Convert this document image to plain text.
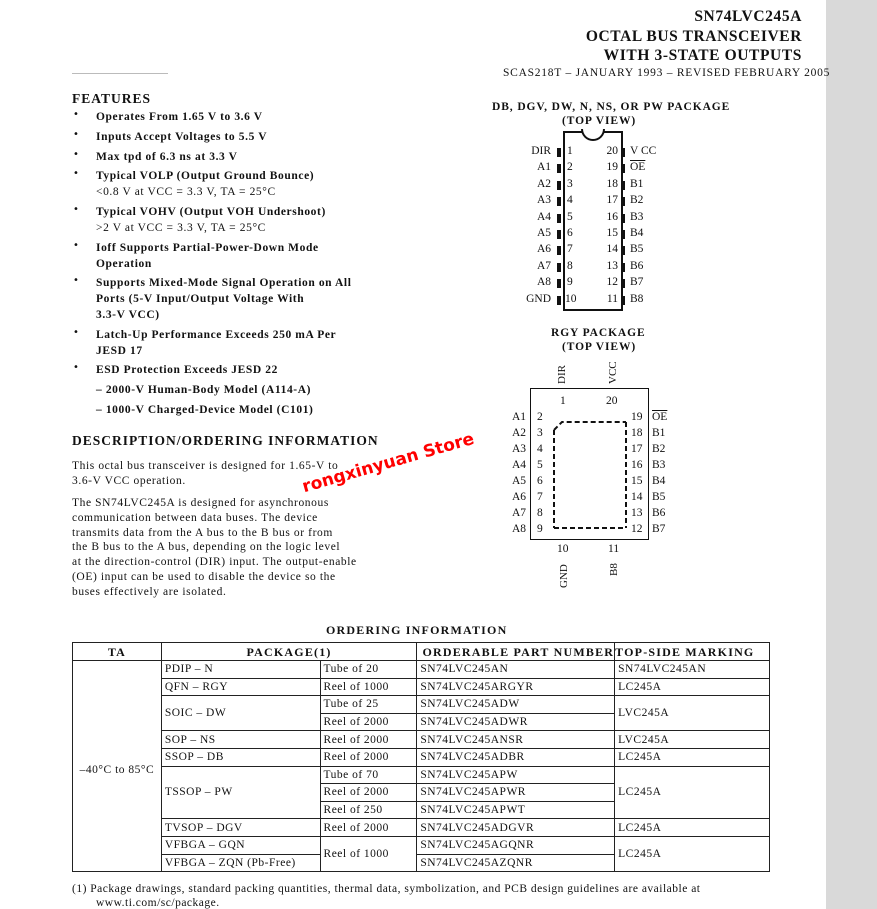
SN74LVC245A
OCTAL BUS TRANSCEIVER
WITH 3-STATE OUTPUTS
SCAS218T – JANUARY 1993 – REVISED FEBRUARY 2005
FEATURES
• Operates From 1.65 V to 3.6 V
• Inputs Accept Voltages to 5.5 V
• Max tpd of 6.3 ns at 3.3 V
• Typical VOLP (Output Ground Bounce)
<0.8 V at VCC = 3.3 V, TA = 25°C
• Typical VOHV (Output VOH Undershoot)
>2 V at VCC = 3.3 V, TA = 25°C
• Ioff Supports Partial-Power-Down Mode
Operation
• Supports Mixed-Mode Signal Operation on All
Ports (5-V Input/Output Voltage With
3.3-V VCC)
• Latch-Up Performance Exceeds 250 mA Per
JESD 17
• ESD Protection Exceeds JESD 22
– 2000-V Human-Body Model (A114-A)
– 1000-V Charged-Device Model (C101)
DESCRIPTION/ORDERING INFORMATION
This octal bus transceiver is designed for 1.65-V to
3.6-V VCC operation.
The SN74LVC245A is designed for asynchronous
communication between data buses. The device
transmits data from the A bus to the B bus or from
the B bus to the A bus, depending on the logic level
at the direction-control (DIR) input. The output-enable
(OE) input can be used to disable the device so the
buses effectively are isolated.
DB, DGV, DW, N, NS, OR PW PACKAGE
(TOP VIEW)
DIR 1
A1 2
A2 3
A3 4
A4 5
A5 6
A6 7
A7 8
A8 9
GND 10
20 V CC
19 $\overline{OE}$
18 B1
17 B2
16 B3
15 B4
14 B5
13 B6
12 B7
11 B8
RGY PACKAGE
(TOP VIEW)
DIR	VCC
1	20
10	11
GND	B8
A1 2
A2 3
A3 4
A4 5
A5 6
A6 7
A7 8
A8 9
19 $\overline{OE}$
18 B1
17 B2
16 B3
15 B4
14 B5
13 B6
12 B7
rongxinyuan Store
ORDERING INFORMATION
TA	PACKAGE(1)		ORDERABLE PART NUMBER	TOP-SIDE MARKING
–40°C to 85°C	PDIP – N	Tube of 20	SN74LVC245AN	SN74LVC245AN
	QFN – RGY	Reel of 1000	SN74LVC245ARGYR	LC245A
	SOIC – DW	Tube of 25	SN74LVC245ADW	LVC245A
		Reel of 2000	SN74LVC245ADWR	
	SOP – NS	Reel of 2000	SN74LVC245ANSR	LVC245A
	SSOP – DB	Reel of 2000	SN74LVC245ADBR	LC245A
	TSSOP – PW	Tube of 70	SN74LVC245APW	LC245A
		Reel of 2000	SN74LVC245APWR	
		Reel of 250	SN74LVC245APWT	
	TVSOP – DGV	Reel of 2000	SN74LVC245ADGVR	LC245A
	VFBGA – GQN	Reel of 1000	SN74LVC245AGQNR	LC245A
	VFBGA – ZQN (Pb-Free)		SN74LVC245AZQNR	
(1) Package drawings, standard packing quantities, thermal data, symbolization, and PCB design guidelines are available at
www.ti.com/sc/package.
